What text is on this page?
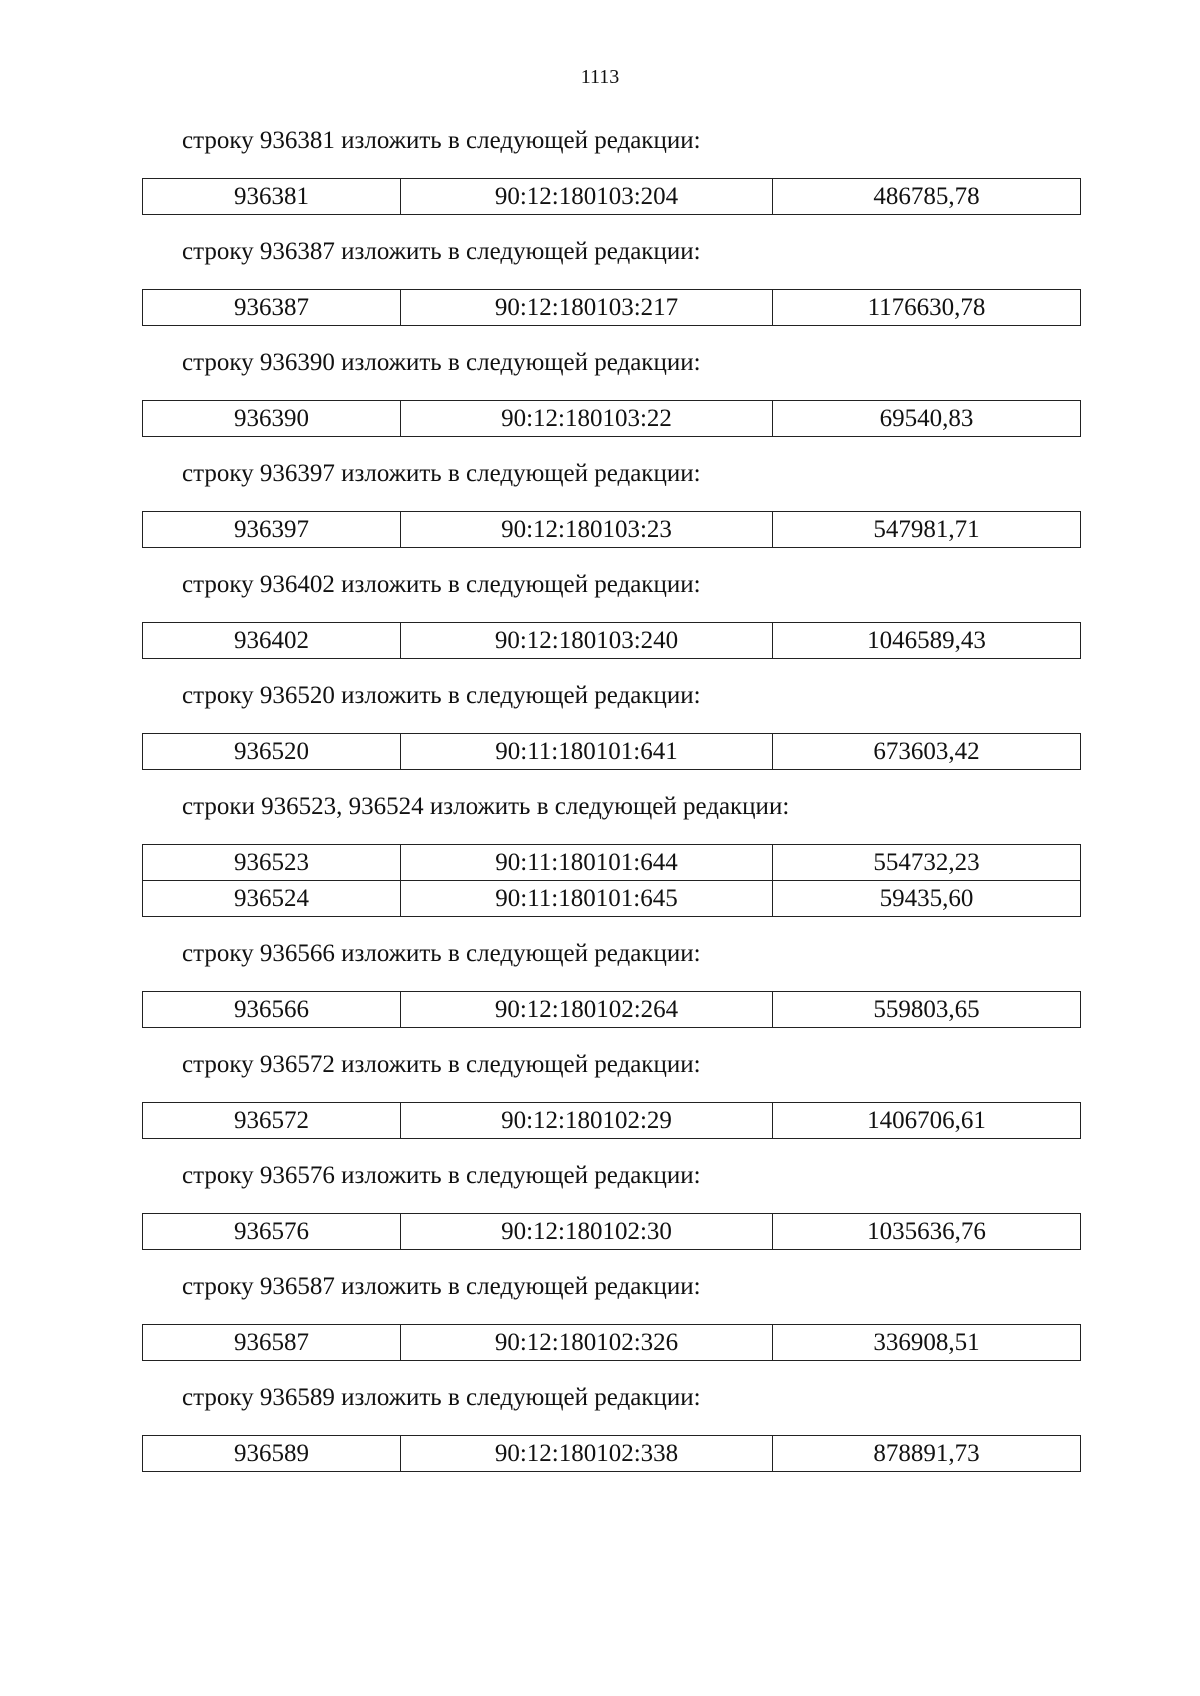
1113
строку 936381 изложить в следующей редакции:
936381	90:12:180103:204	486785,78
строку 936387 изложить в следующей редакции:
936387	90:12:180103:217	1176630,78
строку 936390 изложить в следующей редакции:
936390	90:12:180103:22	69540,83
строку 936397 изложить в следующей редакции:
936397	90:12:180103:23	547981,71
строку 936402 изложить в следующей редакции:
936402	90:12:180103:240	1046589,43
строку 936520 изложить в следующей редакции:
936520	90:11:180101:641	673603,42
строки 936523, 936524 изложить в следующей редакции:
936523	90:11:180101:644	554732,23
936524	90:11:180101:645	59435,60
строку 936566 изложить в следующей редакции:
936566	90:12:180102:264	559803,65
строку 936572 изложить в следующей редакции:
936572	90:12:180102:29	1406706,61
строку 936576 изложить в следующей редакции:
936576	90:12:180102:30	1035636,76
строку 936587 изложить в следующей редакции:
936587	90:12:180102:326	336908,51
строку 936589 изложить в следующей редакции:
936589	90:12:180102:338	878891,73
